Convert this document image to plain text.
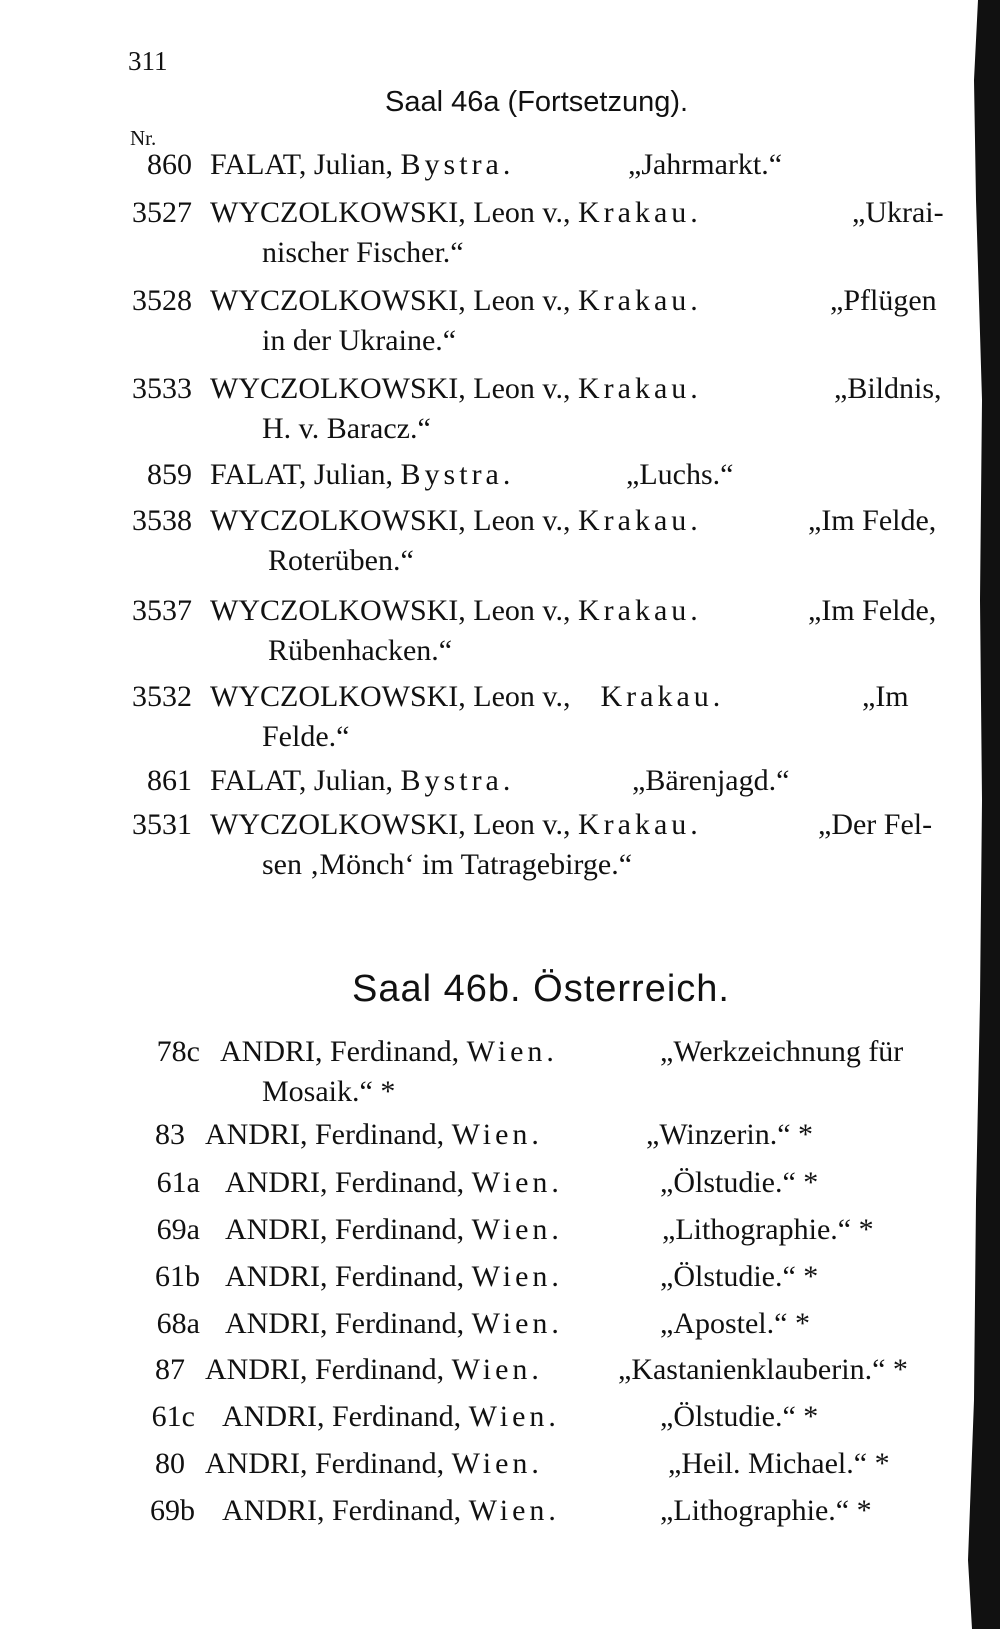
311
Saal 46a (Fortsetzung).
Nr.
860 FALAT, Julian, Bystra.	„Jahrmarkt.“
3527 WYCZOLKOWSKI, Leon v., Krakau.	„Ukrai-
nischer Fischer.“
3528 WYCZOLKOWSKI, Leon v., Krakau.	„Pflügen
in der Ukraine.“
3533 WYCZOLKOWSKI, Leon v., Krakau.	„Bildnis,
H. v. Baracz.“
859 FALAT, Julian, Bystra.	„Luchs.“
3538 WYCZOLKOWSKI, Leon v., Krakau.	„Im Felde,
Roterüben.“
3537 WYCZOLKOWSKI, Leon v., Krakau.	„Im Felde,
Rübenhacken.“
3532 WYCZOLKOWSKI, Leon v., Krakau.	„Im
Felde.“
861 FALAT, Julian, Bystra.	„Bärenjagd.“
3531 WYCZOLKOWSKI, Leon v., Krakau.	„Der Fel-
sen ‚Mönch‘ im Tatragebirge.“
Saal 46b. Österreich.
78c ANDRI, Ferdinand, Wien.	„Werkzeichnung für
Mosaik.“ *
83 ANDRI, Ferdinand, Wien.	„Winzerin.“ *
61a ANDRI, Ferdinand, Wien.	„Ölstudie.“ *
69a ANDRI, Ferdinand, Wien.	„Lithographie.“ *
61b ANDRI, Ferdinand, Wien.	„Ölstudie.“ *
68a ANDRI, Ferdinand, Wien.	„Apostel.“ *
87 ANDRI, Ferdinand, Wien.	„Kastanienklauberin.“ *
61c ANDRI, Ferdinand, Wien.	„Ölstudie.“ *
80 ANDRI, Ferdinand, Wien.	„Heil. Michael.“ *
69b ANDRI, Ferdinand, Wien.	„Lithographie.“ *
